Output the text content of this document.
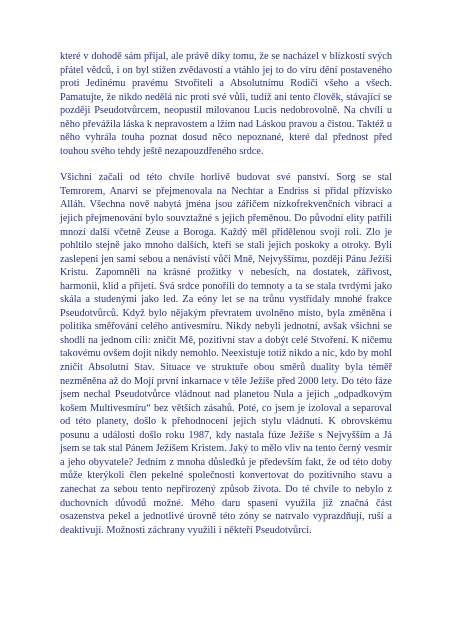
které v dohodě sám přijal, ale právě díky tomu, že se nacházel v blízkosti svých přátel vědců, i on byl stižen zvědavostí a vtáhlo jej to do víru dění postaveného proti Jedinému pravému Stvořiteli a Absolutnímu Rodiči všeho a všech. Pamatujte, že nikdo nedělá nic proti své vůli, tudíž ani tento člověk, stávající se později Pseudotvůrcem, neopustil milovanou Lucis nedobrovolně. Na chvíli u něho převážila láska k nepravostem a lžím nad Láskou pravou a čistou. Taktéž u něho vyhrála touha poznat dosud něco nepoznané, které dal přednost před touhou svého tehdy ještě nezapouzdřeného srdce.

Všichni začali od této chvíle horlivě budovat své panství. Sorg se stal Temrorem, Anarvi se přejmenovala na Nechtar a Endriss si přidal přízvisko Alláh. Všechna nově nabytá jména jsou zářičem nízkofrekvenčních vibrací a jejich přejmenování bylo souvztažné s jejich přeměnou. Do původní elity patřili mnozí další včetně Zeuse a Boroga. Každý měl přidělenou svoji roli. Zlo je pohltilo stejně jako mnoho dalších, kteří se stali jejich poskoky a otroky. Byli zaslepeni jen sami sebou a nenávistí vůči Mně, Nejvyššímu, později Pánu Ježíši Kristu. Zapomněli na krásné prožitky v nebesích, na dostatek, zářivost, harmonii, klid a přijetí. Svá srdce ponořili do temnoty a ta se stala tvrdými jako skála a studenými jako led. Za eóny let se na trůnu vystřídaly mnohé frakce Pseudotvůrců. Když bylo nějakým převratem uvolněno místo, byla změněna i politika směřování celého antivesmíru. Nikdy nebyli jednotní, avšak všichni se shodli na jednom cíli: zničit Mě, pozitivní stav a dobýt celé Stvoření. K ničemu takovému ovšem dojít nikdy nemohlo. Neexistuje totiž nikdo a nic, kdo by mohl zničit Absolutní Stav. Situace ve struktuře obou směrů duality byla téměř nezměněna až do Mojí první inkarnace v těle Ježíše před 2000 lety. Do této fáze jsem nechal Pseudotvůrce vládnout nad planetou Nula a jejich „odpadkovým košem Multivesmíru“ bez větších zásahů. Poté, co jsem je izoloval a separoval od této planety, došlo k přehodnocení jejich stylu vládnutí. K obrovskému posunu a události došlo roku 1987, kdy nastala fúze Ježíše s Nejvyšším a Já jsem se tak stal Pánem Ježíšem Kristem. Jaký to mělo vliv na tento černý vesmír a jeho obyvatele? Jedním z mnoha důsledků je především fakt, že od této doby může kterýkoli člen pekelné společnosti konvertovat do pozitivního stavu a zanechat za sebou tento nepřirozený způsob života. Do té chvíle to nebylo z duchovních důvodů možné. Mého daru spasení využila již značná část osazenstva pekel a jednotlivé úrovně této zóny se natrvalo vyprazdňují, ruší a deaktivují. Možnosti záchrany využili i někteří Pseudotvůrci.
